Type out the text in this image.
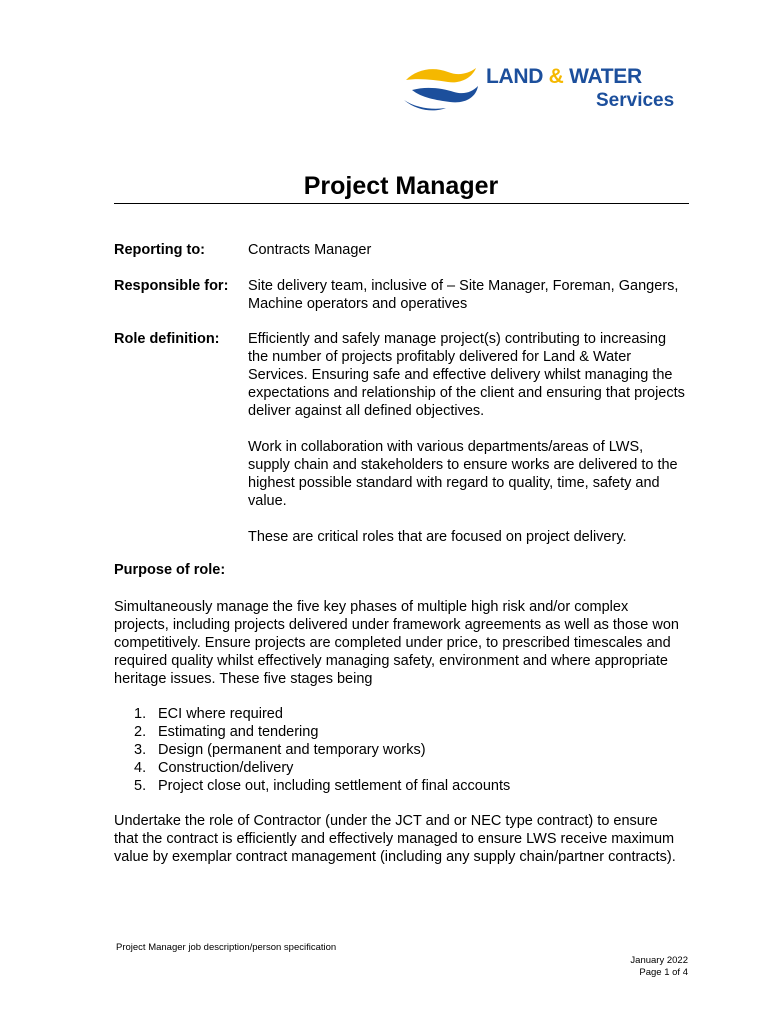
LAND & WATER
Services
Project Manager
Reporting to:	Contracts Manager
Responsible for: Site delivery team, inclusive of – Site Manager, Foreman, Gangers, Machine operators and operatives
Role definition: Efficiently and safely manage project(s) contributing to increasing the number of projects profitably delivered for Land & Water Services. Ensuring safe and effective delivery whilst managing the expectations and relationship of the client and ensuring that projects deliver against all defined objectives.

Work in collaboration with various departments/areas of LWS, supply chain and stakeholders to ensure works are delivered to the highest possible standard with regard to quality, time, safety and value.

These are critical roles that are focused on project delivery.

Purpose of role:

Simultaneously manage the five key phases of multiple high risk and/or complex projects, including projects delivered under framework agreements as well as those won competitively. Ensure projects are completed under price, to prescribed timescales and required quality whilst effectively managing safety, environment and where appropriate heritage issues. These five stages being

1. ECI where required
2. Estimating and tendering
3. Design (permanent and temporary works)
4. Construction/delivery
5. Project close out, including settlement of final accounts

Undertake the role of Contractor (under the JCT and or NEC type contract) to ensure that the contract is efficiently and effectively managed to ensure LWS receive maximum value by exemplar contract management (including any supply chain/partner contracts).

Project Manager job description/person specification
January 2022
Page 1 of 4
